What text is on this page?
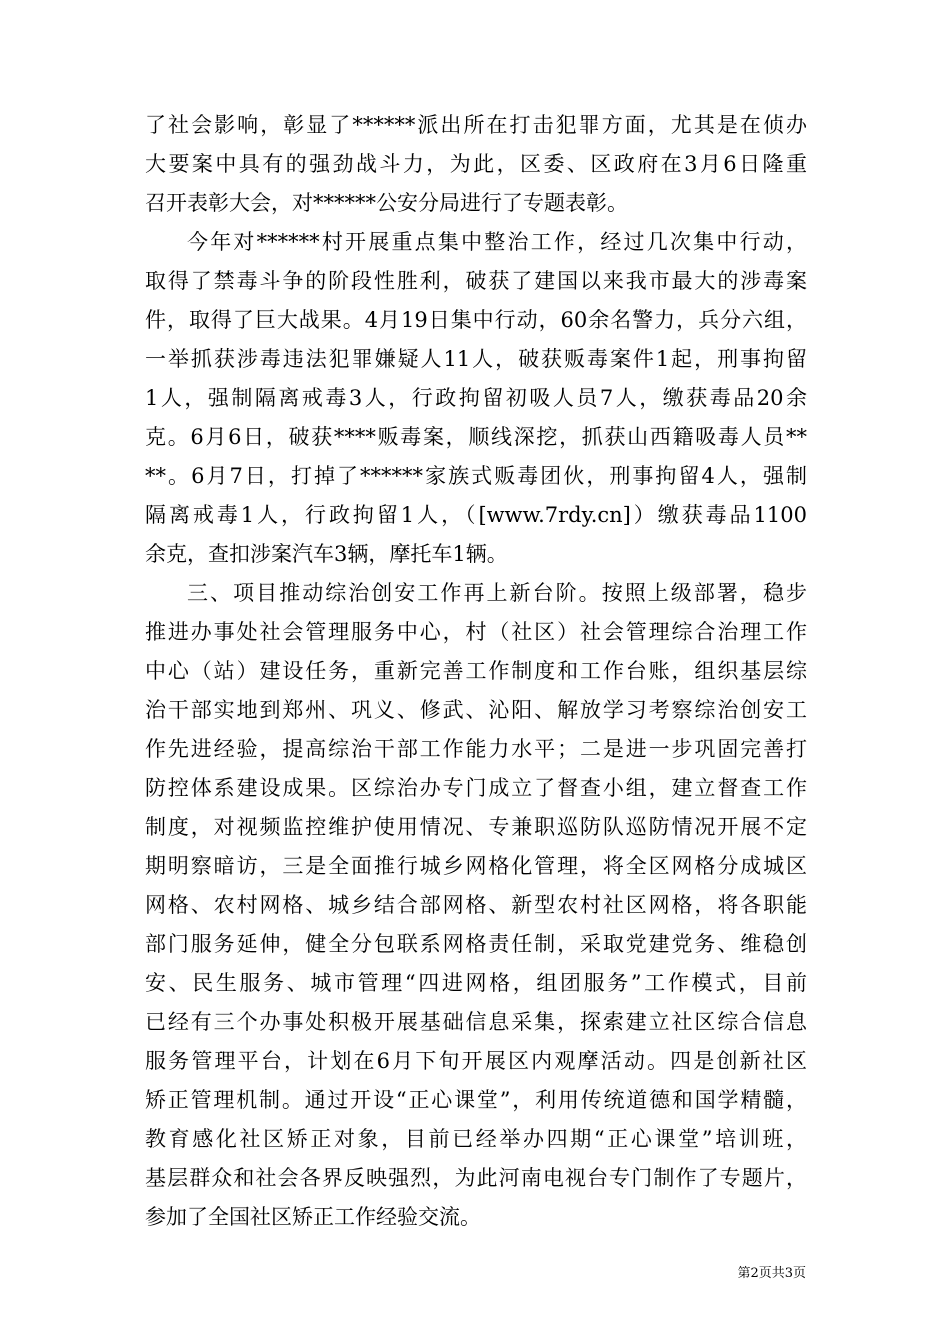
了社会影响，彰显了******派出所在打击犯罪方面，尤其是在侦办
大要案中具有的强劲战斗力，为此，区委、区政府在3月6日隆重
召开表彰大会，对******公安分局进行了专题表彰。
今年对******村开展重点集中整治工作，经过几次集中行动，
取得了禁毒斗争的阶段性胜利，破获了建国以来我市最大的涉毒案
件，取得了巨大战果。4月19日集中行动，60余名警力，兵分六组，
一举抓获涉毒违法犯罪嫌疑人11人，破获贩毒案件1起，刑事拘留
1人，强制隔离戒毒3人，行政拘留初吸人员7人，缴获毒品20余
克。6月6日，破获****贩毒案，顺线深挖，抓获山西籍吸毒人员**
**。6月7日，打掉了******家族式贩毒团伙，刑事拘留4人，强制
隔离戒毒1人，行政拘留1人，（[www.7rdy.cn]）缴获毒品1100
余克，查扣涉案汽车3辆，摩托车1辆。
三、项目推动综治创安工作再上新台阶。按照上级部署，稳步
推进办事处社会管理服务中心，村（社区）社会管理综合治理工作
中心（站）建设任务，重新完善工作制度和工作台账，组织基层综
治干部实地到郑州、巩义、修武、沁阳、解放学习考察综治创安工
作先进经验，提高综治干部工作能力水平；二是进一步巩固完善打
防控体系建设成果。区综治办专门成立了督查小组，建立督查工作
制度，对视频监控维护使用情况、专兼职巡防队巡防情况开展不定
期明察暗访，三是全面推行城乡网格化管理，将全区网格分成城区
网格、农村网格、城乡结合部网格、新型农村社区网格，将各职能
部门服务延伸，健全分包联系网格责任制，采取党建党务、维稳创
安、民生服务、城市管理“四进网格，组团服务”工作模式，目前
已经有三个办事处积极开展基础信息采集，探索建立社区综合信息
服务管理平台，计划在6月下旬开展区内观摩活动。四是创新社区
矫正管理机制。通过开设“正心课堂”，利用传统道德和国学精髓，
教育感化社区矫正对象，目前已经举办四期“正心课堂”培训班，
基层群众和社会各界反映强烈，为此河南电视台专门制作了专题片，
参加了全国社区矫正工作经验交流。
第2页共3页
